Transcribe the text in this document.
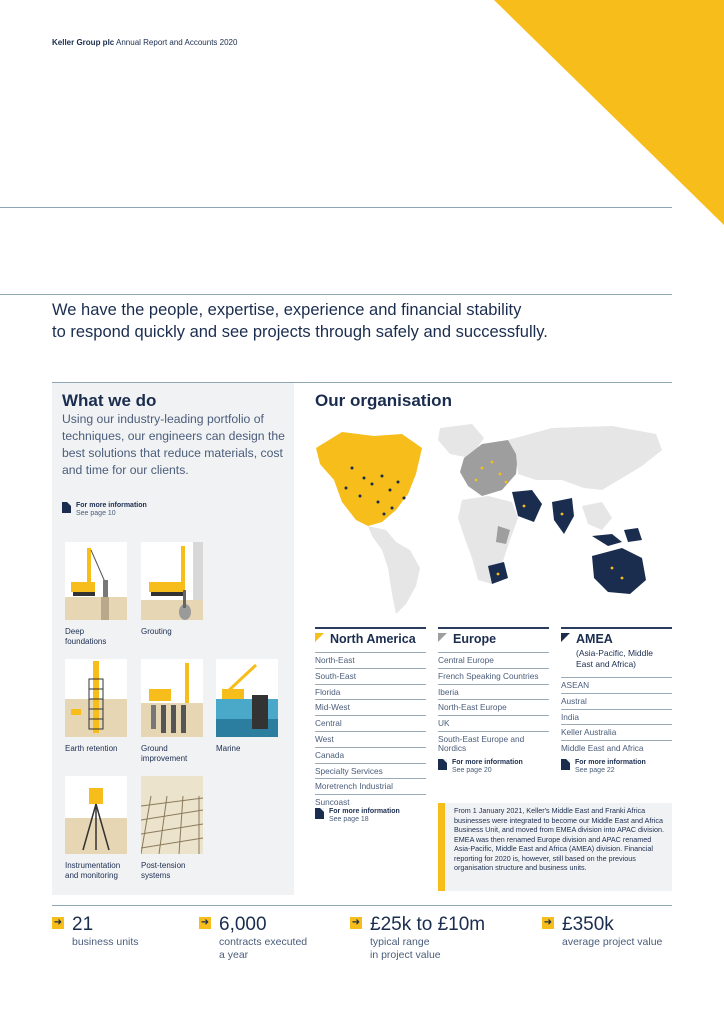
Keller Group plc Annual Report and Accounts 2020
We have the people, expertise, experience and financial stability
to respond quickly and see projects through safely and successfully.
What we do
Using our industry-leading portfolio of techniques, our engineers can design the best solutions that reduce materials, cost and time for our clients.
For more information
See page 10
Deep foundations
Grouting
Earth retention	Ground improvement
Marine
Instrumentation and monitoring
Post-tension systems
Our organisation
North America
North-East
South-East
Florida
Mid-West
Central
West
Canada
Specialty Services
Moretrench Industrial
Suncoast
For more information
See page 18
Europe
Central Europe
French Speaking Countries
Iberia
North-East Europe
UK
South-East Europe and Nordics
For more information
See page 20
AMEA
(Asia-Pacific, Middle East and Africa)
ASEAN
Austral
India
Keller Australia
Middle East and Africa
For more information
See page 22
From 1 January 2021, Keller's Middle East and Franki Africa businesses were integrated to become our Middle East and Africa Business Unit, and moved from EMEA division into APAC division. EMEA was then renamed Europe division and APAC renamed Asia-Pacific, Middle East and Africa (AMEA) division. Financial reporting for 2020 is, however, still based on the previous organisation structure and business units.
➜ 21
business units

➜ 6,000
contracts executed
a year
➜ £25k to £10m
typical range
in project value
➜ £350k
average project value
